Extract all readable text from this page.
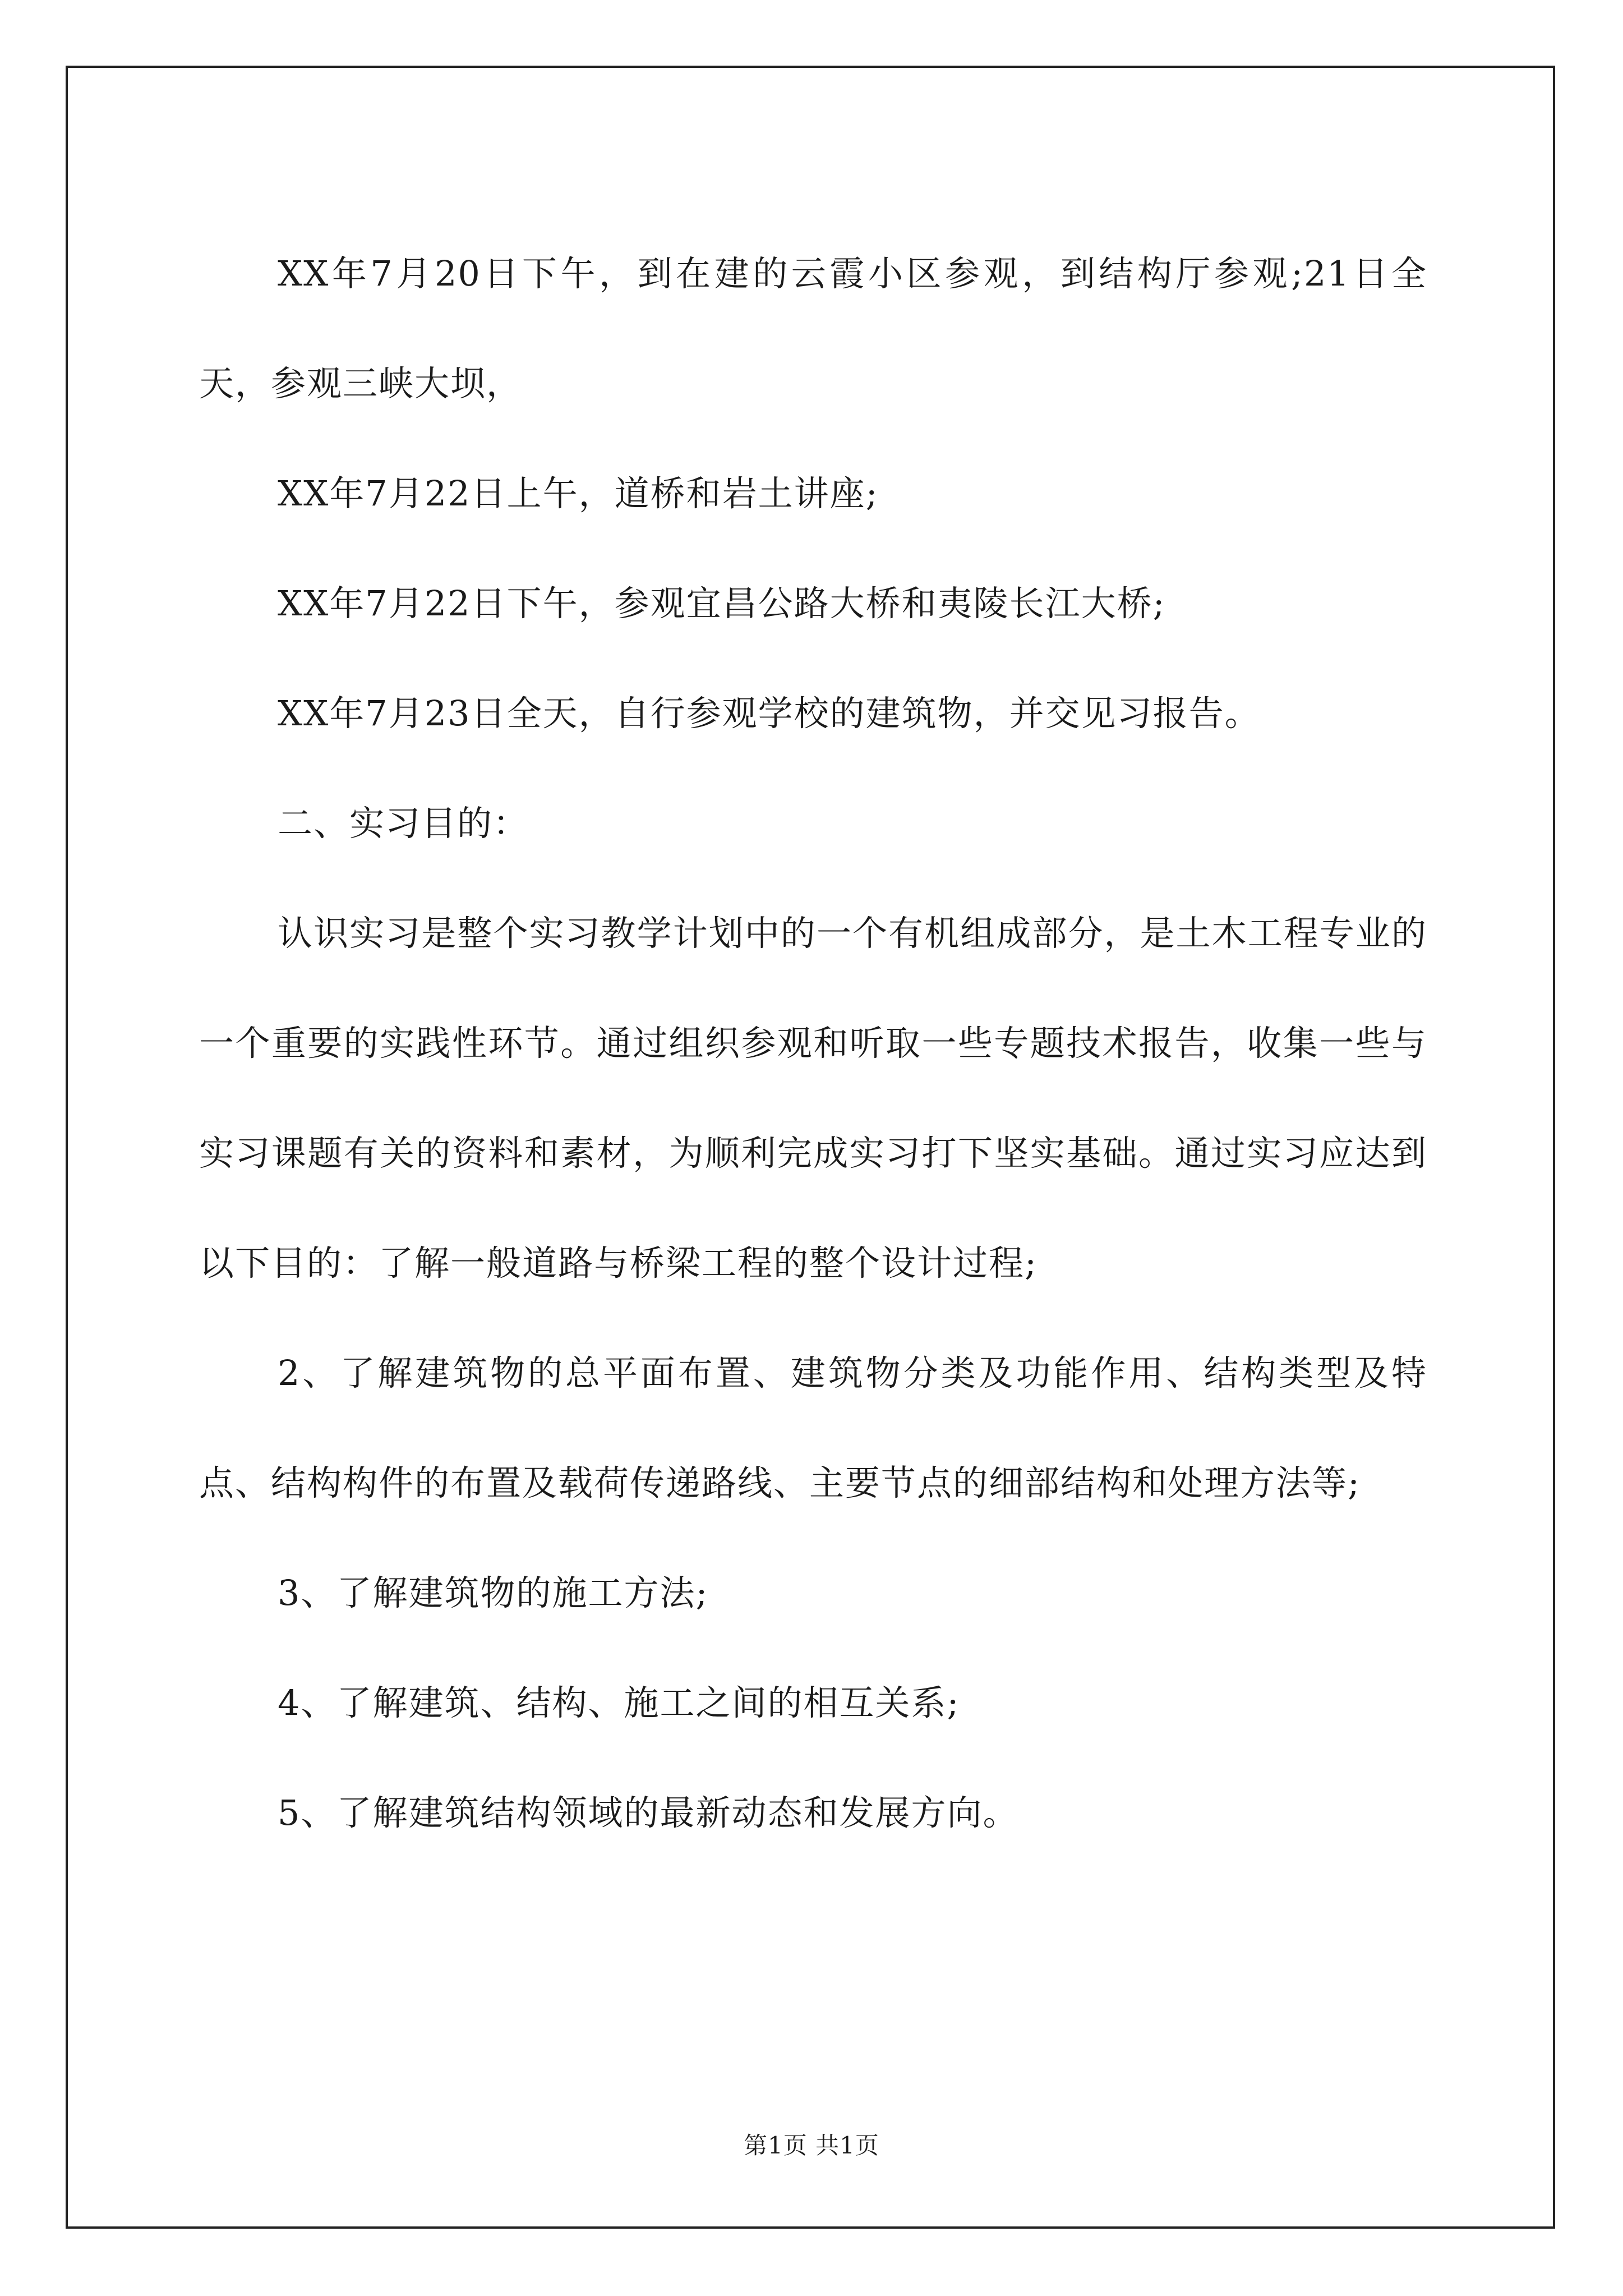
XX年7月20日下午，到在建的云霞小区参观，到结构厅参观;21日全天，参观三峡大坝，

XX年7月22日上午，道桥和岩土讲座;

XX年7月22日下午，参观宜昌公路大桥和夷陵长江大桥;

XX年7月23日全天，自行参观学校的建筑物，并交见习报告。

二、实习目的：

认识实习是整个实习教学计划中的一个有机组成部分，是土木工程专业的一个重要的实践性环节。通过组织参观和听取一些专题技术报告，收集一些与实习课题有关的资料和素材，为顺利完成实习打下坚实基础。通过实习应达到以下目的：了解一般道路与桥梁工程的整个设计过程;

2、了解建筑物的总平面布置、建筑物分类及功能作用、结构类型及特点、结构构件的布置及载荷传递路线、主要节点的细部结构和处理方法等;

3、了解建筑物的施工方法;

4、了解建筑、结构、施工之间的相互关系;

5、了解建筑结构领域的最新动态和发展方向。

第1页 共1页
